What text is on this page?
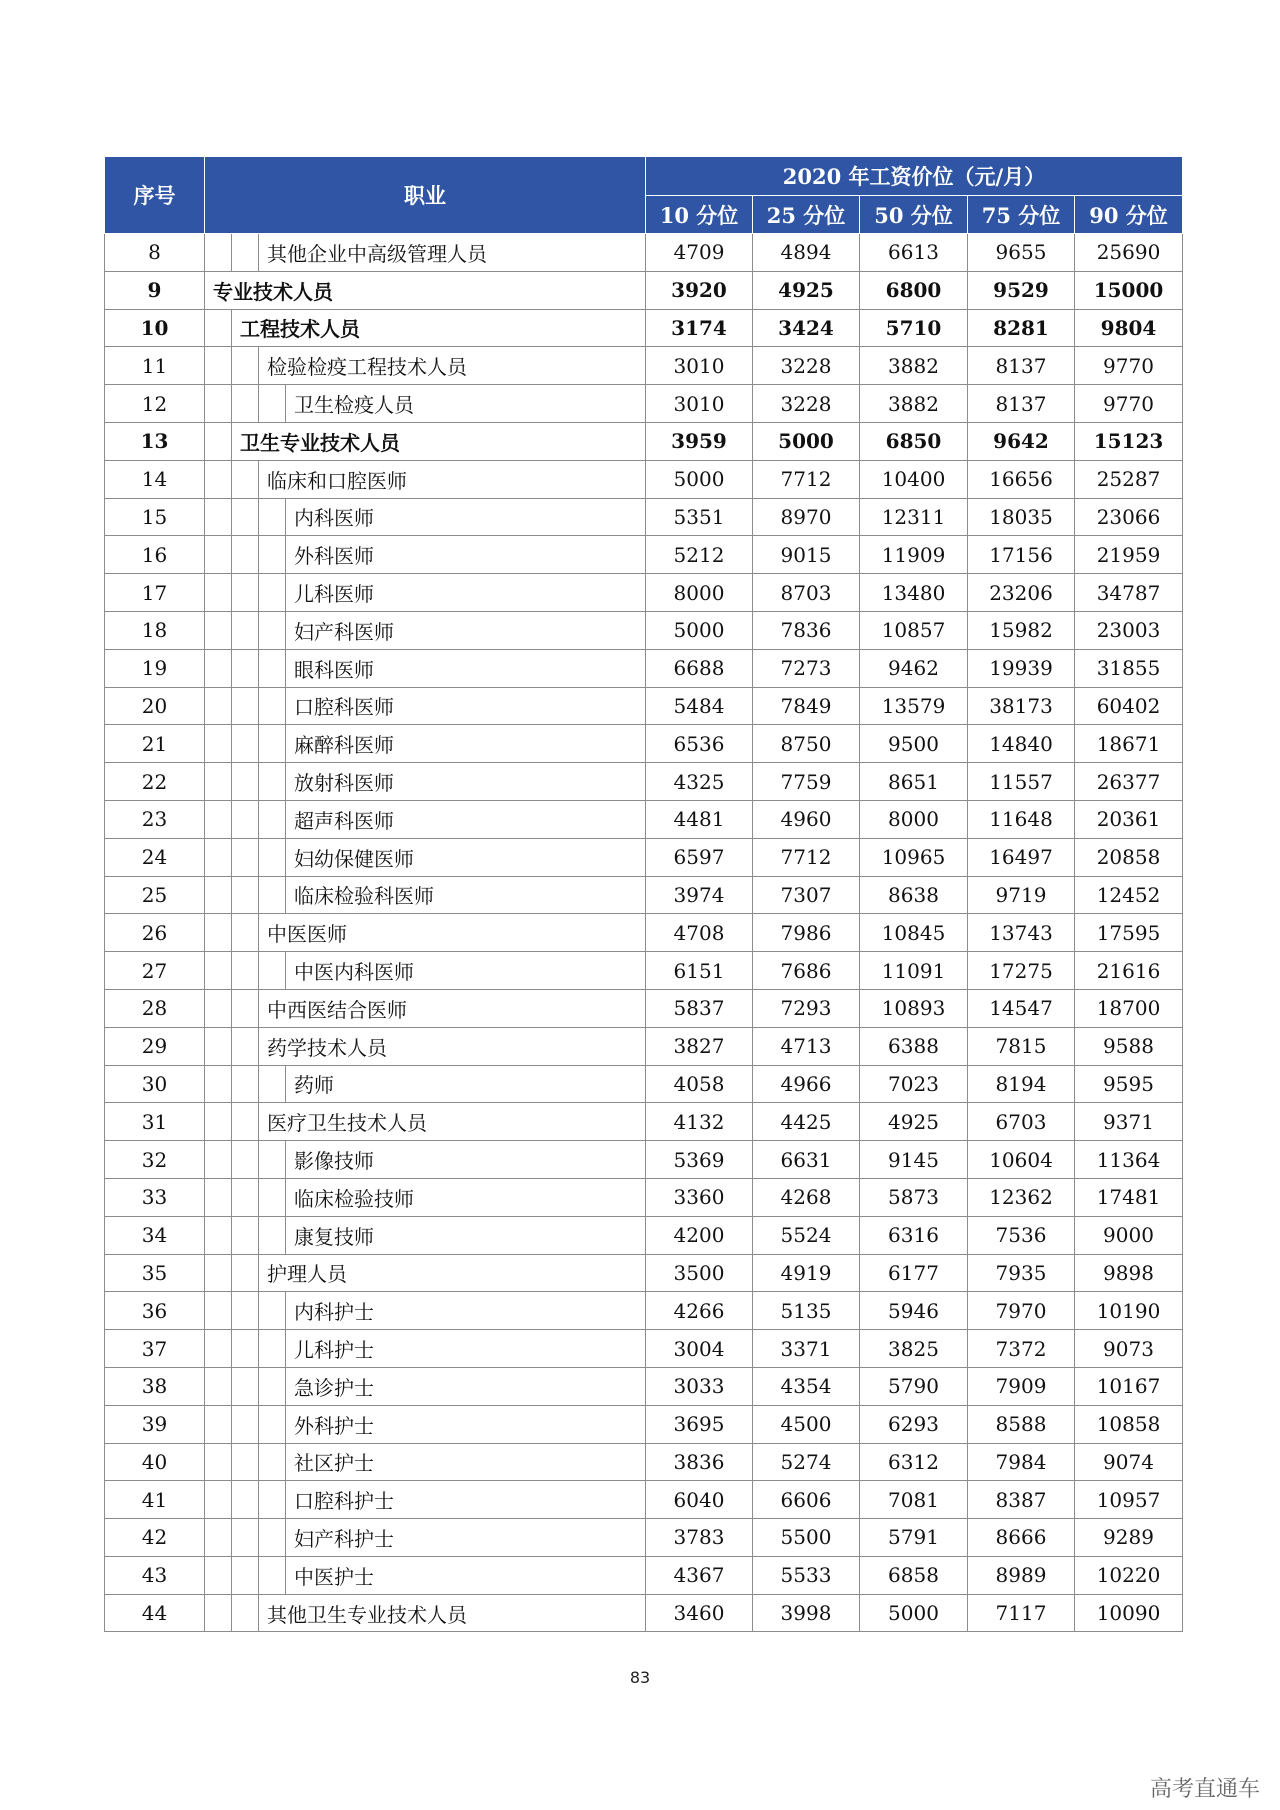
序号	职业				2020 年工资价位（元/月）				
					10 分位	25 分位	50 分位	75 分位	90 分位
8			其他企业中高级管理人员		4709	4894	6613	9655	25690
9	专业技术人员				3920	4925	6800	9529	15000
10		工程技术人员			3174	3424	5710	8281	9804
11			检验检疫工程技术人员		3010	3228	3882	8137	9770
12				卫生检疫人员	3010	3228	3882	8137	9770
13		卫生专业技术人员			3959	5000	6850	9642	15123
14			临床和口腔医师		5000	7712	10400	16656	25287
15				内科医师	5351	8970	12311	18035	23066
16				外科医师	5212	9015	11909	17156	21959
17				儿科医师	8000	8703	13480	23206	34787
18				妇产科医师	5000	7836	10857	15982	23003
19				眼科医师	6688	7273	9462	19939	31855
20				口腔科医师	5484	7849	13579	38173	60402
21				麻醉科医师	6536	8750	9500	14840	18671
22				放射科医师	4325	7759	8651	11557	26377
23				超声科医师	4481	4960	8000	11648	20361
24				妇幼保健医师	6597	7712	10965	16497	20858
25				临床检验科医师	3974	7307	8638	9719	12452
26			中医医师		4708	7986	10845	13743	17595
27				中医内科医师	6151	7686	11091	17275	21616
28			中西医结合医师		5837	7293	10893	14547	18700
29			药学技术人员		3827	4713	6388	7815	9588
30				药师	4058	4966	7023	8194	9595
31			医疗卫生技术人员		4132	4425	4925	6703	9371
32				影像技师	5369	6631	9145	10604	11364
33				临床检验技师	3360	4268	5873	12362	17481
34				康复技师	4200	5524	6316	7536	9000
35			护理人员		3500	4919	6177	7935	9898
36				内科护士	4266	5135	5946	7970	10190
37				儿科护士	3004	3371	3825	7372	9073
38				急诊护士	3033	4354	5790	7909	10167
39				外科护士	3695	4500	6293	8588	10858
40				社区护士	3836	5274	6312	7984	9074
41				口腔科护士	6040	6606	7081	8387	10957
42				妇产科护士	3783	5500	5791	8666	9289
43				中医护士	4367	5533	6858	8989	10220
44			其他卫生专业技术人员		3460	3998	5000	7117	10090
83
高考直通车
